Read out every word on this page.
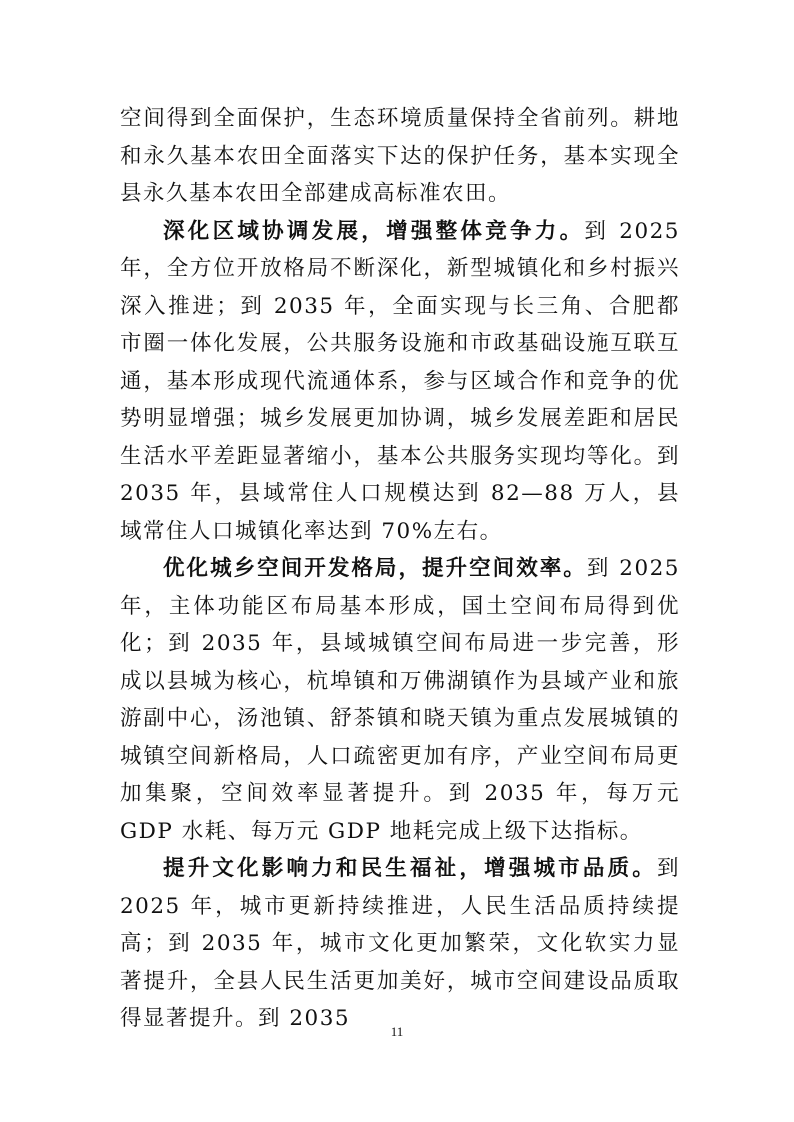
空间得到全面保护，生态环境质量保持全省前列。耕地和永久基本农田全面落实下达的保护任务，基本实现全县永久基本农田全部建成高标准农田。

深化区域协调发展，增强整体竞争力。到 2025 年，全方位开放格局不断深化，新型城镇化和乡村振兴深入推进；到 2035 年，全面实现与长三角、合肥都市圈一体化发展，公共服务设施和市政基础设施互联互通，基本形成现代流通体系，参与区域合作和竞争的优势明显增强；城乡发展更加协调，城乡发展差距和居民生活水平差距显著缩小，基本公共服务实现均等化。到 2035 年，县域常住人口规模达到 82—88 万人，县域常住人口城镇化率达到 70%左右。

优化城乡空间开发格局，提升空间效率。到 2025 年，主体功能区布局基本形成，国土空间布局得到优化；到 2035 年，县域城镇空间布局进一步完善，形成以县城为核心，杭埠镇和万佛湖镇作为县域产业和旅游副中心，汤池镇、舒茶镇和晓天镇为重点发展城镇的城镇空间新格局，人口疏密更加有序，产业空间布局更加集聚，空间效率显著提升。到 2035 年，每万元 GDP 水耗、每万元 GDP 地耗完成上级下达指标。

提升文化影响力和民生福祉，增强城市品质。到 2025 年，城市更新持续推进，人民生活品质持续提高；到 2035 年，城市文化更加繁荣，文化软实力显著提升，全县人民生活更加美好，城市空间建设品质取得显著提升。到 2035

11
